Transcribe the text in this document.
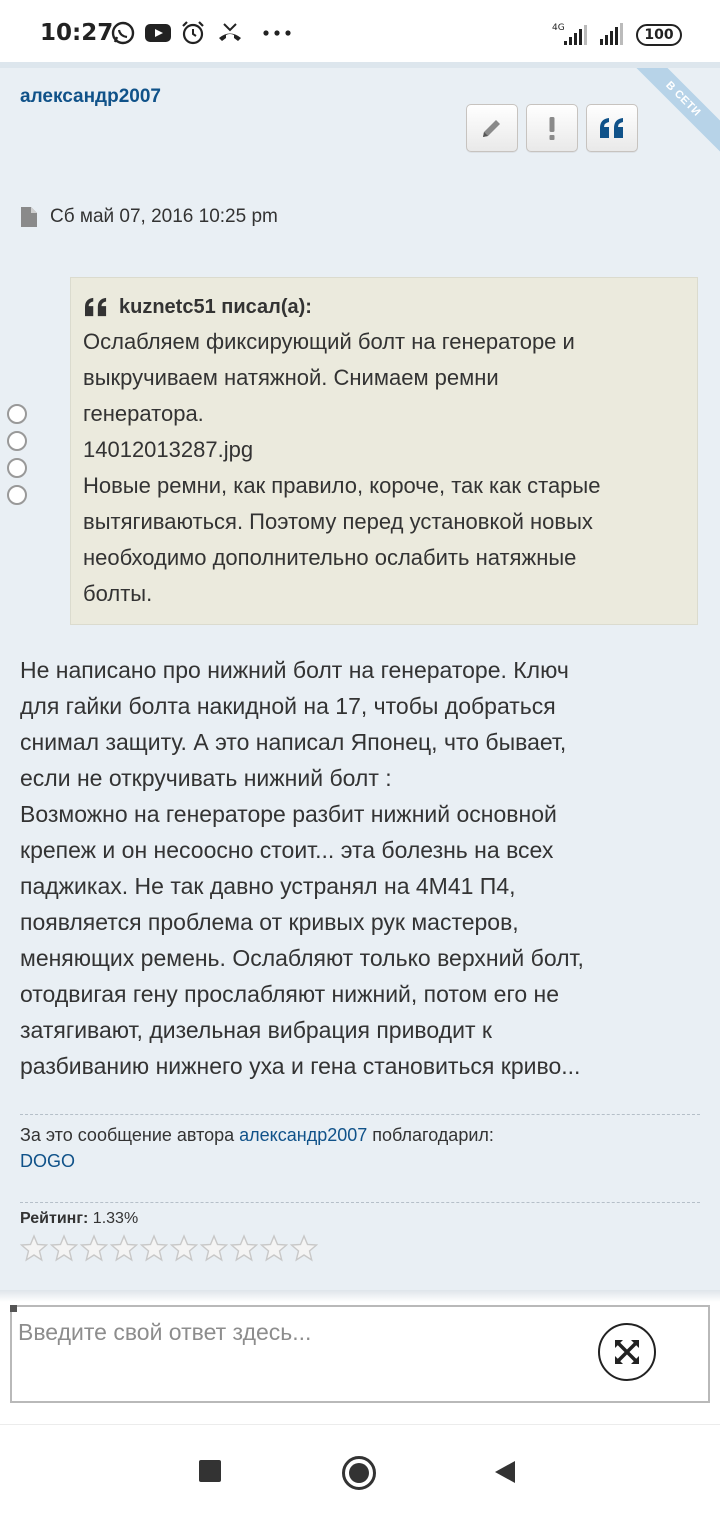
10:27	4G	100
александр2007	В СЕТИ
Сб май 07, 2016 10:25 pm
kuznetc51 писал(а):
Ослабляем фиксирующий болт на генераторе и
выкручиваем натяжной. Снимаем ремни
генератора.
14012013287.jpg
Новые ремни, как правило, короче, так как старые
вытягиваються. Поэтому перед установкой новых
необходимо дополнительно ослабить натяжные
болты.
Не написано про нижний болт на генераторе. Ключ
для гайки болта накидной на 17, чтобы добраться
снимал защиту. А это написал Японец, что бывает,
если не откручивать нижний болт :
Возможно на генераторе разбит нижний основной
крепеж и он несоосно стоит... эта болезнь на всех
паджиках. Не так давно устранял на 4М41 П4,
появляется проблема от кривых рук мастеров,
меняющих ремень. Ослабляют только верхний болт,
отодвигая гену прослабляют нижний, потом его не
затягивают, дизельная вибрация приводит к
разбиванию нижнего уха и гена становиться криво...
За это сообщение автора александр2007 поблагодарил:
DOGO
Рейтинг: 1.33%
Введите свой ответ здесь...
